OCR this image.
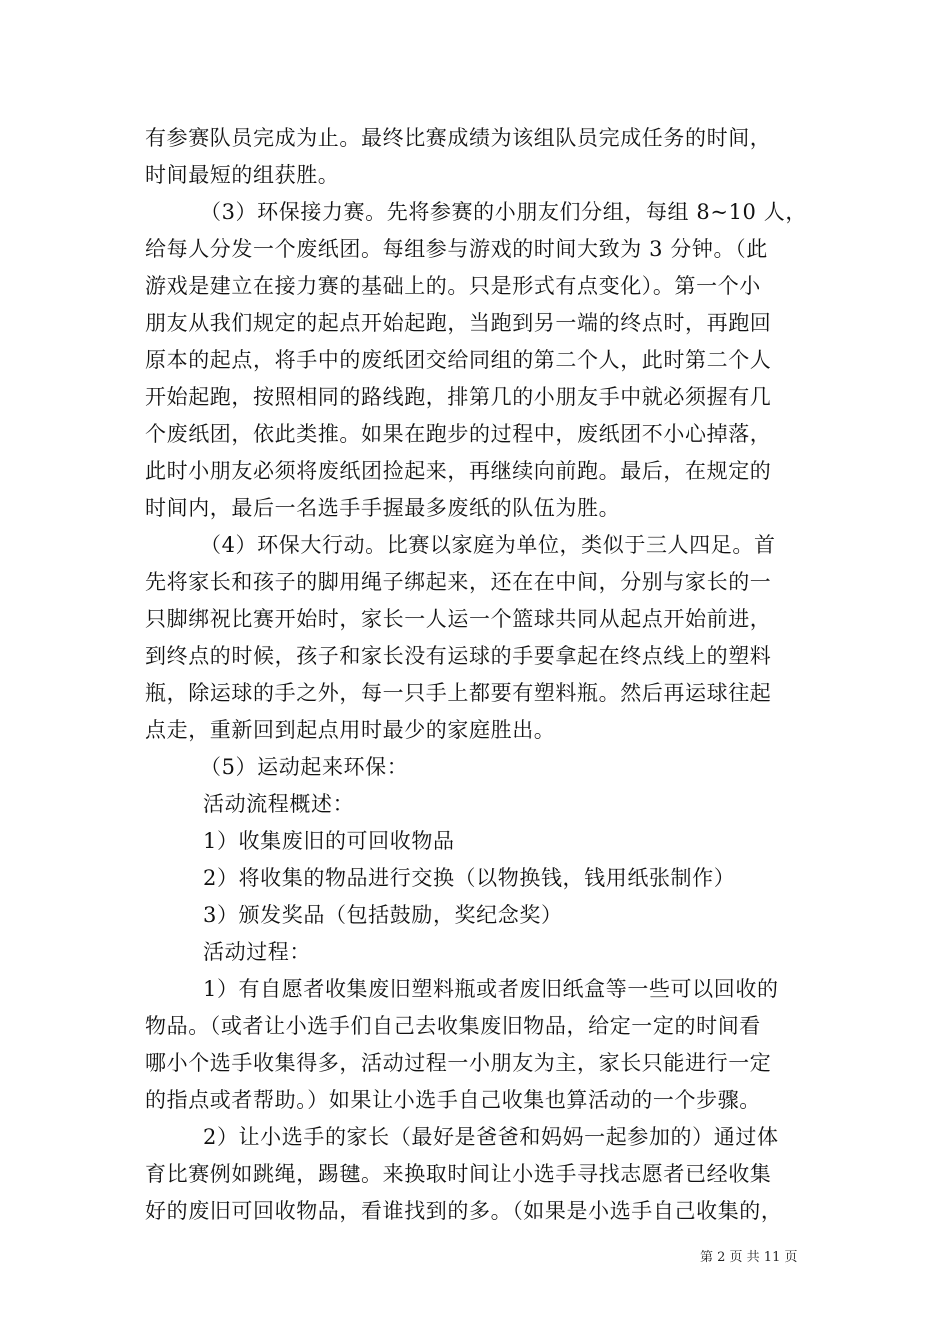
有参赛队员完成为止。最终比赛成绩为该组队员完成任务的时间，
时间最短的组获胜。
（3）环保接力赛。先将参赛的小朋友们分组，每组 8~10 人，
给每人分发一个废纸团。每组参与游戏的时间大致为 3 分钟。（此
游戏是建立在接力赛的基础上的。只是形式有点变化）。第一个小
朋友从我们规定的起点开始起跑，当跑到另一端的终点时，再跑回
原本的起点，将手中的废纸团交给同组的第二个人，此时第二个人
开始起跑，按照相同的路线跑，排第几的小朋友手中就必须握有几
个废纸团，依此类推。如果在跑步的过程中，废纸团不小心掉落，
此时小朋友必须将废纸团捡起来，再继续向前跑。最后，在规定的
时间内，最后一名选手手握最多废纸的队伍为胜。
（4）环保大行动。比赛以家庭为单位，类似于三人四足。首
先将家长和孩子的脚用绳子绑起来，还在在中间，分别与家长的一
只脚绑祝比赛开始时，家长一人运一个篮球共同从起点开始前进，
到终点的时候，孩子和家长没有运球的手要拿起在终点线上的塑料
瓶，除运球的手之外，每一只手上都要有塑料瓶。然后再运球往起
点走，重新回到起点用时最少的家庭胜出。
（5）运动起来环保：
活动流程概述：
1）收集废旧的可回收物品
2）将收集的物品进行交换（以物换钱，钱用纸张制作）
3）颁发奖品（包括鼓励，奖纪念奖）
活动过程：
1）有自愿者收集废旧塑料瓶或者废旧纸盒等一些可以回收的
物品。（或者让小选手们自己去收集废旧物品，给定一定的时间看
哪小个选手收集得多，活动过程一小朋友为主，家长只能进行一定
的指点或者帮助。）如果让小选手自己收集也算活动的一个步骤。
2）让小选手的家长（最好是爸爸和妈妈一起参加的）通过体
育比赛例如跳绳，踢毽。来换取时间让小选手寻找志愿者已经收集
好的废旧可回收物品，看谁找到的多。（如果是小选手自己收集的，
第 2 页 共 11 页
